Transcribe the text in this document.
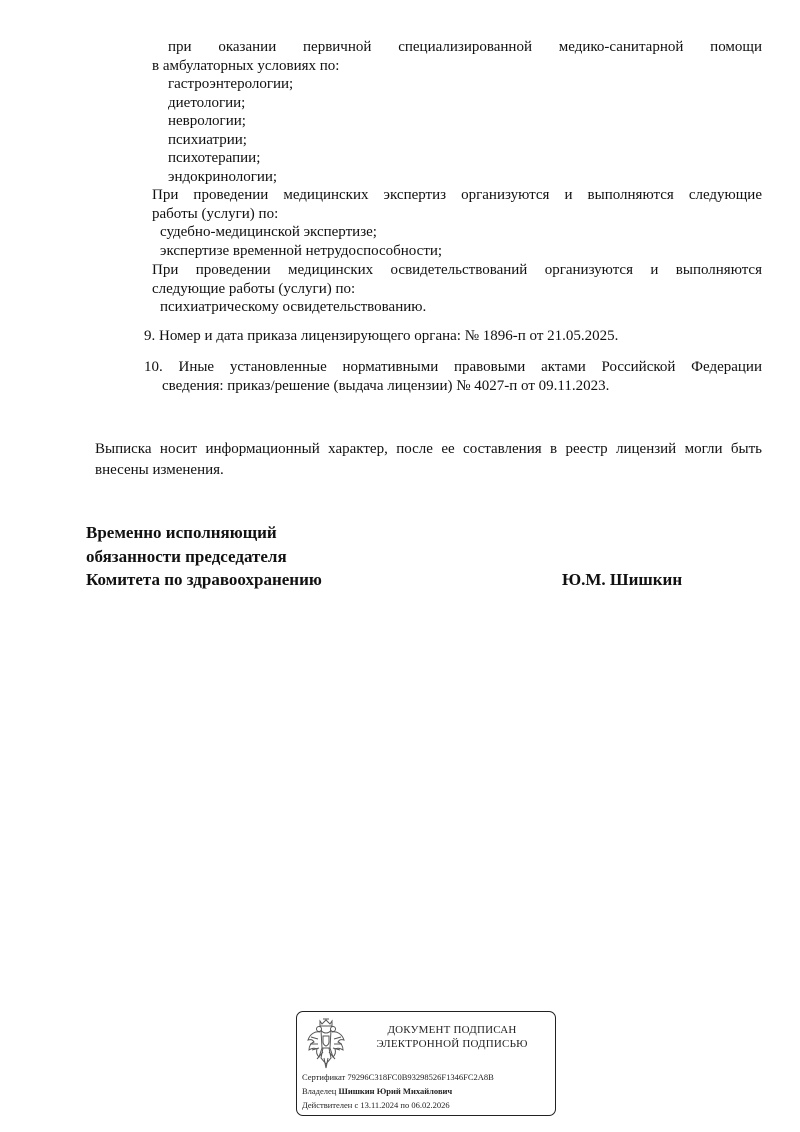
при оказании первичной специализированной медико-санитарной помощи
в амбулаторных условиях по:
гастроэнтерологии;
диетологии;
неврологии;
психиатрии;
психотерапии;
эндокринологии;
При проведении медицинских экспертиз организуются и выполняются следующие
работы (услуги) по:
судебно-медицинской экспертизе;
экспертизе временной нетрудоспособности;
При проведении медицинских освидетельствований организуются и выполняются
следующие работы (услуги) по:
психиатрическому освидетельствованию.
9. Номер и дата приказа лицензирующего органа: № 1896-п от 21.05.2025.
10. Иные установленные нормативными правовыми актами Российской Федерации
сведения: приказ/решение (выдача лицензии) № 4027-п от 09.11.2023.
Выписка носит информационный характер, после ее составления в реестр лицензий могли быть
внесены изменения.
Временно исполняющий
обязанности председателя
Комитета по здравоохранению	Ю.М. Шишкин
ДОКУМЕНТ ПОДПИСАН
ЭЛЕКТРОННОЙ ПОДПИСЬЮ
Сертификат 79296C318FC0B93298526F1346FC2A8B
Владелец Шишкин Юрий Михайлович
Действителен с 13.11.2024 по 06.02.2026
